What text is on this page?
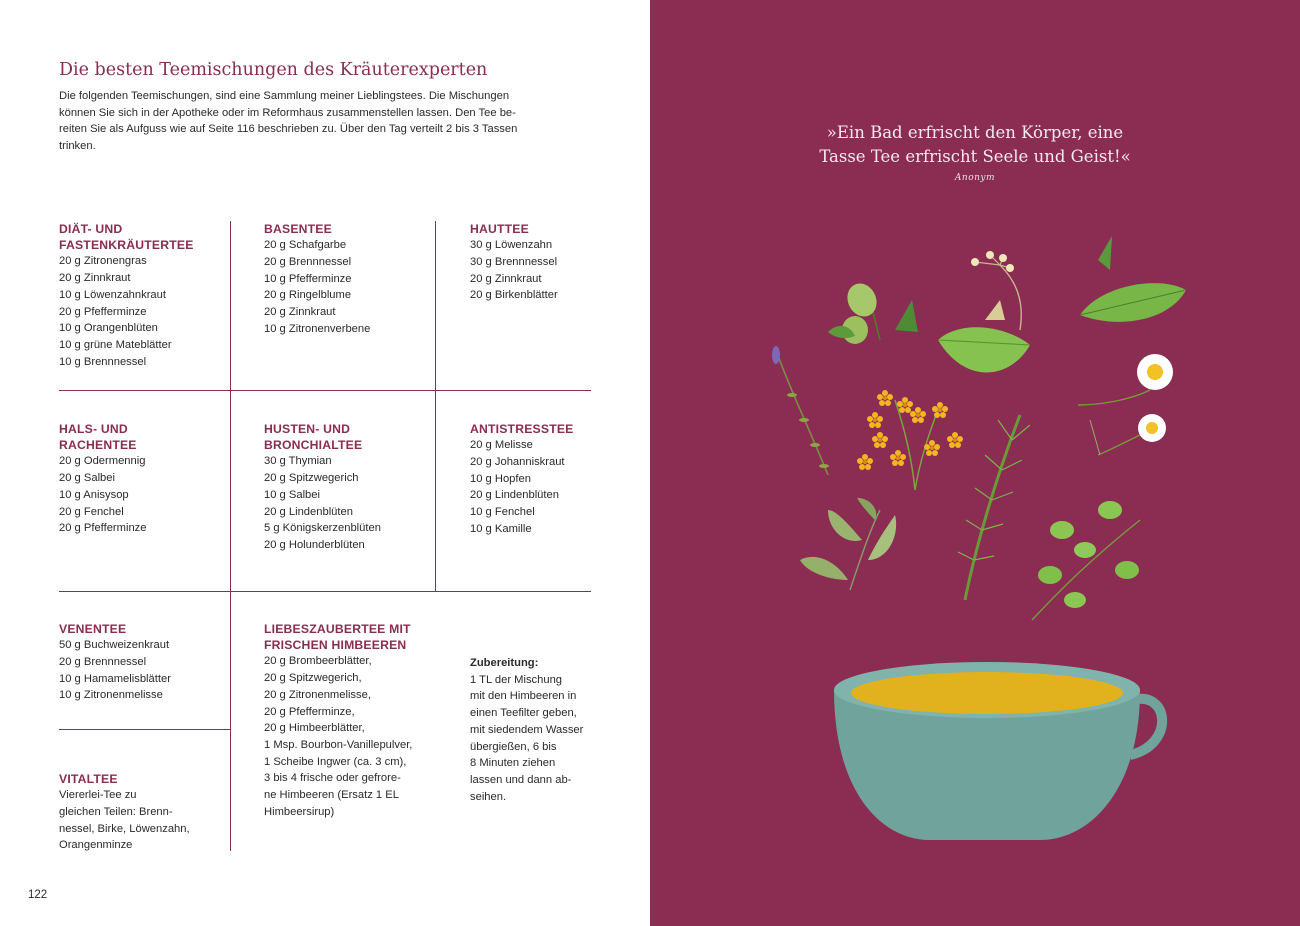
Die besten Teemischungen des Kräuterexperten
Die folgenden Teemischungen, sind eine Sammlung meiner Lieblingstees. Die Mischungen
können Sie sich in der Apotheke oder im Reformhaus zusammenstellen lassen. Den Tee be-
reiten Sie als Aufguss wie auf Seite 116 beschrieben zu. Über den Tag verteilt 2 bis 3 Tassen
trinken.
DIÄT- UND
FASTENKRÄUTERTEE
20 g Zitronengras
20 g Zinnkraut
10 g Löwenzahnkraut
20 g Pfefferminze
10 g Orangenblüten
10 g grüne Mateblätter
10 g Brennnessel
BASENTEE
20 g Schafgarbe
20 g Brennnessel
10 g Pfefferminze
20 g Ringelblume
20 g Zinnkraut
10 g Zitronenverbene
HAUTTEE
30 g Löwenzahn
30 g Brennnessel
20 g Zinnkraut
20 g Birkenblätter
HALS- UND
RACHENTEE
20 g Odermennig
20 g Salbei
10 g Anisysop
20 g Fenchel
20 g Pfefferminze
HUSTEN- UND
BRONCHIALTEE
30 g Thymian
20 g Spitzwegerich
10 g Salbei
20 g Lindenblüten
5 g Königskerzenblüten
20 g Holunderblüten
ANTISTRESSTEE
20 g Melisse
20 g Johanniskraut
10 g Hopfen
20 g Lindenblüten
10 g Fenchel
10 g Kamille
VENENTEE
50 g Buchweizenkraut
20 g Brennnessel
10 g Hamamelisblätter
10 g Zitronenmelisse
LIEBESZAUBERTEE MIT
FRISCHEN HIMBEEREN
20 g Brombeerblätter,
20 g Spitzwegerich,
20 g Zitronenmelisse,
20 g Pfefferminze,
20 g Himbeerblätter,
1 Msp. Bourbon-Vanillepulver,
1 Scheibe Ingwer (ca. 3 cm),
3 bis 4 frische oder gefrore-
ne Himbeeren (Ersatz 1 EL
Himbeersirup)
Zubereitung:
1 TL der Mischung
mit den Himbeeren in
einen Teefilter geben,
mit siedendem Wasser
übergießen, 6 bis
8 Minuten ziehen
lassen und dann ab-
seihen.
VITALTEE
Viererlei-Tee zu
gleichen Teilen: Brenn-
nessel, Birke, Löwenzahn,
Orangenminze
122
»Ein Bad erfrischt den Körper, eine
Tasse Tee erfrischt Seele und Geist!«
Anonym
